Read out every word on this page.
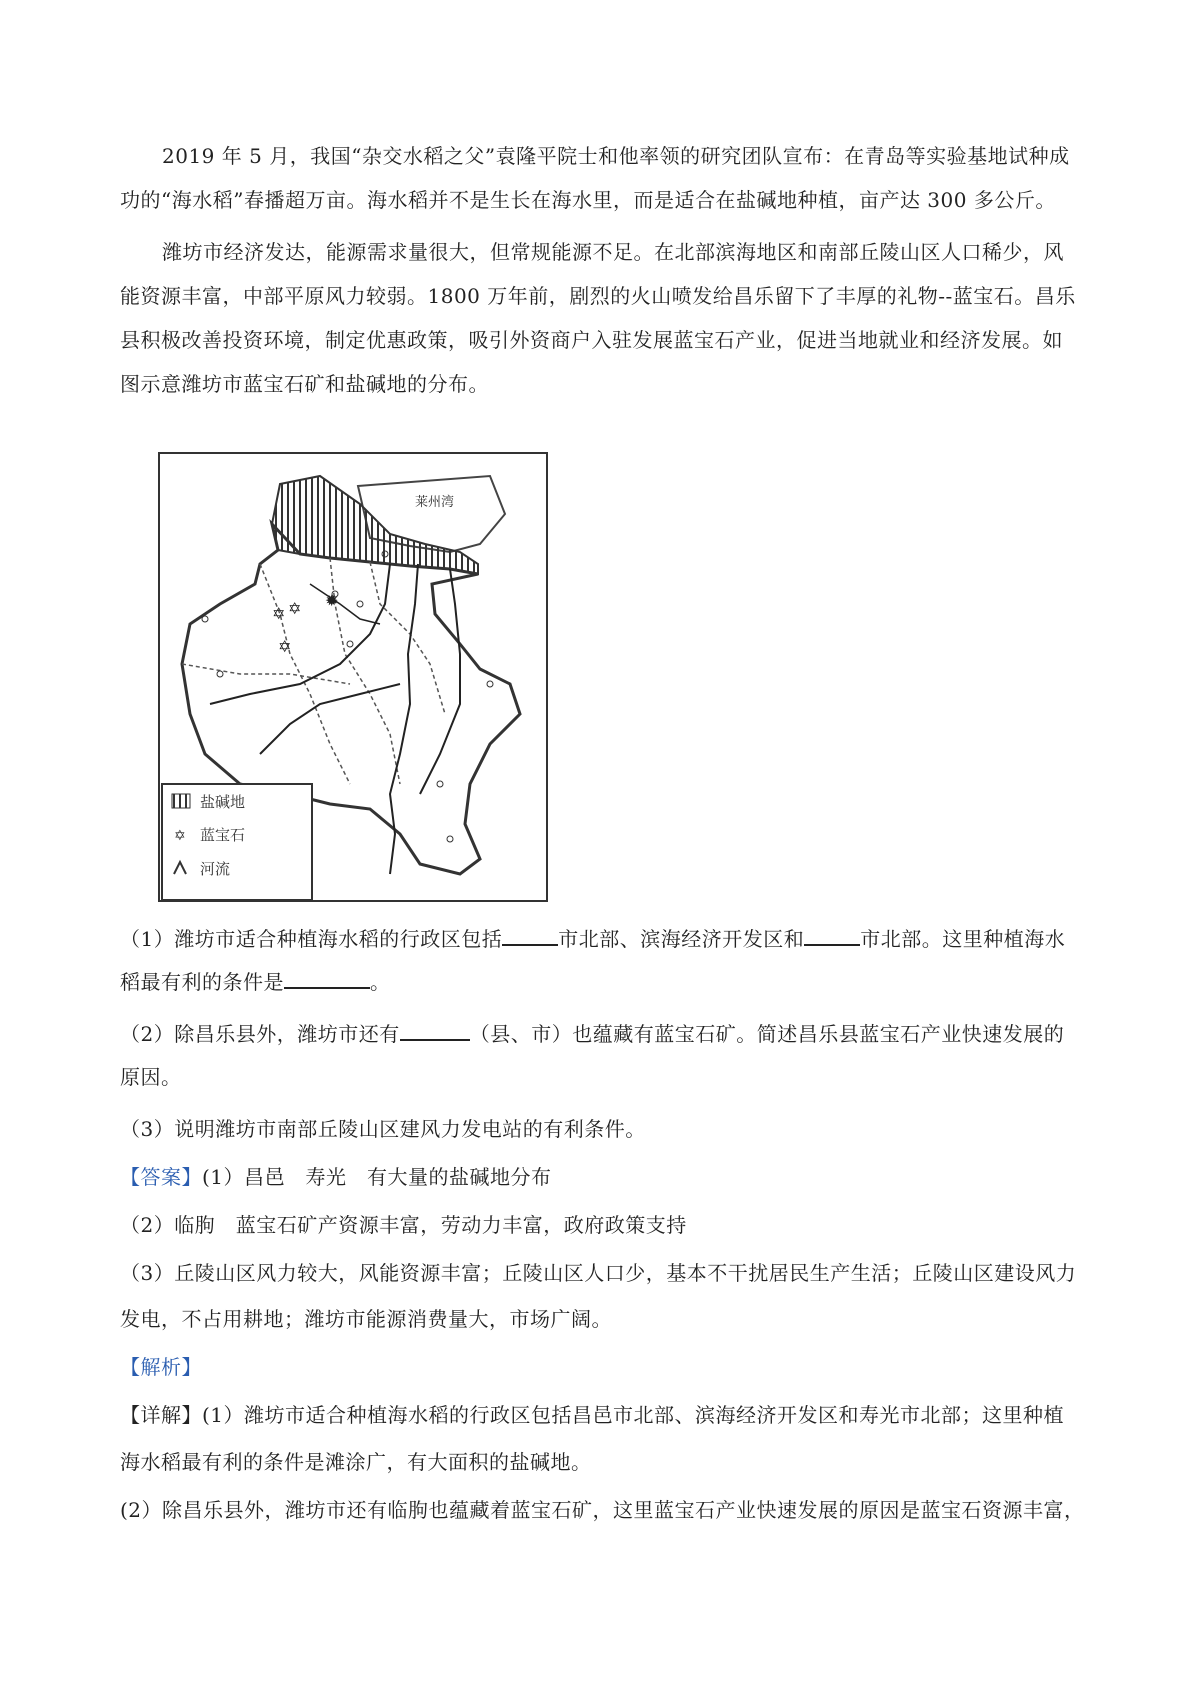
2019 年 5 月，我国“杂交水稻之父”袁隆平院士和他率领的研究团队宣布：在青岛等实验基地试种成
功的“海水稻”春播超万亩。海水稻并不是生长在海水里，而是适合在盐碱地种植，亩产达 300 多公斤。
潍坊市经济发达，能源需求量很大，但常规能源不足。在北部滨海地区和南部丘陵山区人口稀少，风
能资源丰富，中部平原风力较弱。1800 万年前，剧烈的火山喷发给昌乐留下了丰厚的礼物--蓝宝石。昌乐
县积极改善投资环境，制定优惠政策，吸引外资商户入驻发展蓝宝石产业，促进当地就业和经济发展。如
图示意潍坊市蓝宝石矿和盐碱地的分布。
莱州湾
✡ ✡
✡
✹
盐碱地
✡ 蓝宝石
河流
（1）潍坊市适合种植海水稻的行政区包括	市北部、滨海经济开发区和	市北部。这里种植海水
稻最有利的条件是	。
（2）除昌乐县外，潍坊市还有	（县、市）也蕴藏有蓝宝石矿。简述昌乐县蓝宝石产业快速发展的
原因。
（3）说明潍坊市南部丘陵山区建风力发电站的有利条件。
【答案】(1）昌邑　寿光　有大量的盐碱地分布
（2）临朐　蓝宝石矿产资源丰富，劳动力丰富，政府政策支持
（3）丘陵山区风力较大，风能资源丰富；丘陵山区人口少，基本不干扰居民生产生活；丘陵山区建设风力
发电，不占用耕地；潍坊市能源消费量大，市场广阔。
【解析】
【详解】(1）潍坊市适合种植海水稻的行政区包括昌邑市北部、滨海经济开发区和寿光市北部；这里种植
海水稻最有利的条件是滩涂广，有大面积的盐碱地。
(2）除昌乐县外，潍坊市还有临朐也蕴藏着蓝宝石矿，这里蓝宝石产业快速发展的原因是蓝宝石资源丰富，
